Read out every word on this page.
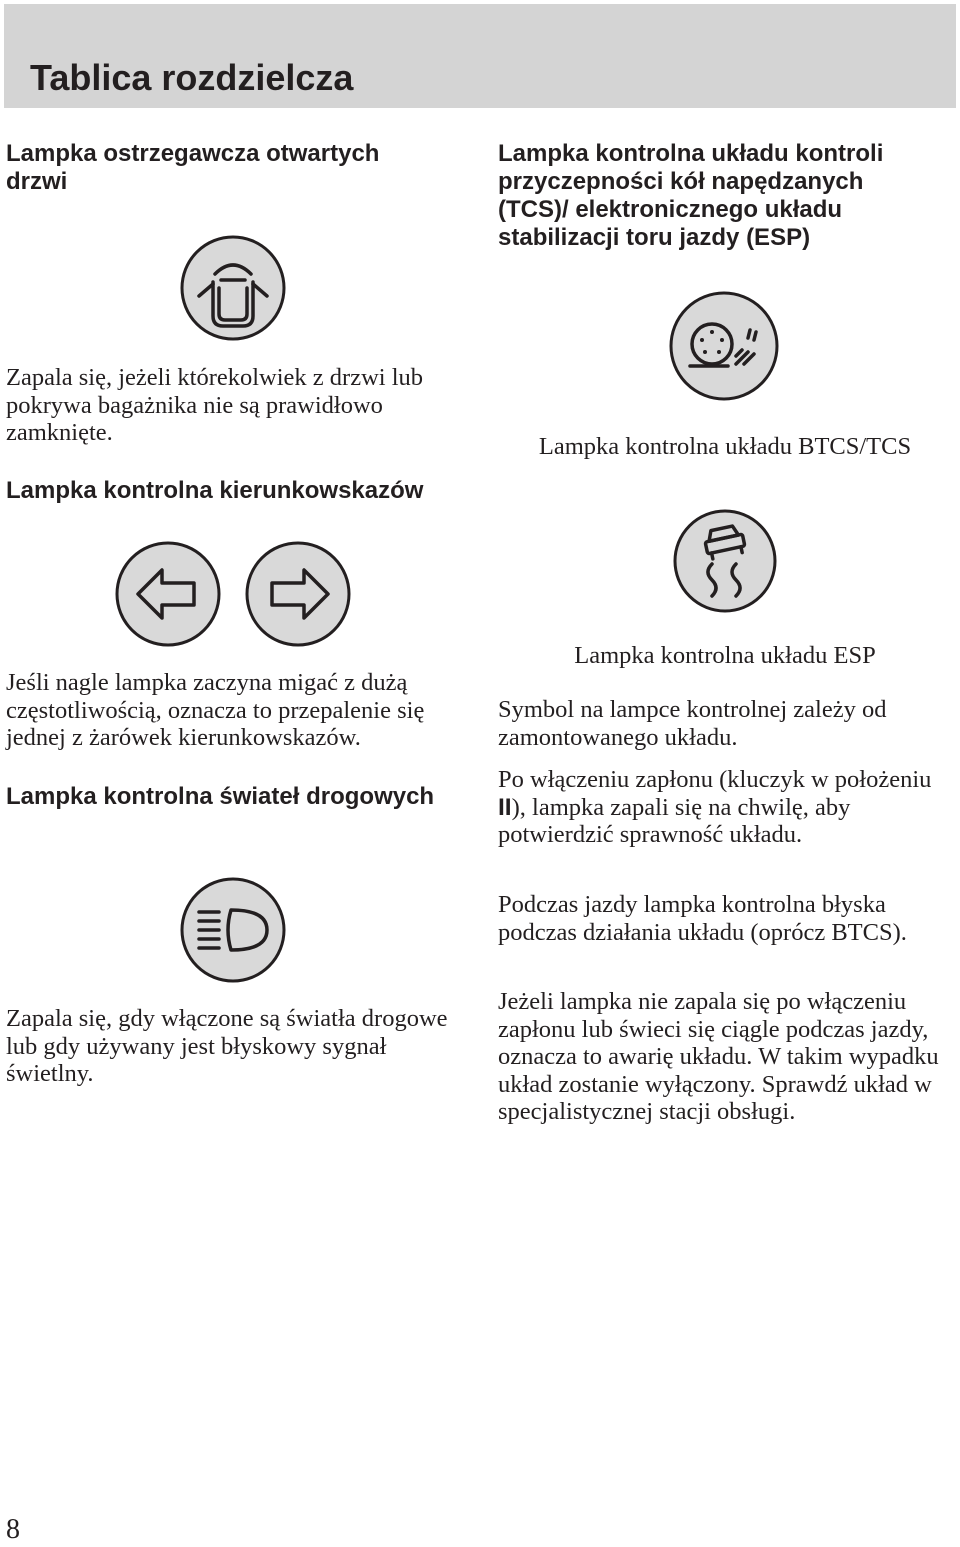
Tablica rozdzielcza
Lampka ostrzegawcza otwartych drzwi

Zapala się, jeżeli którekolwiek z drzwi lub pokrywa bagażnika nie są prawidłowo zamknięte.

Lampka kontrolna kierunkowskazów

Jeśli nagle lampka zaczyna migać z dużą częstotliwością, oznacza to przepalenie się jednej z żarówek kierunkowskazów.

Lampka kontrolna świateł drogowych

Zapala się, gdy włączone są światła drogowe lub gdy używany jest błyskowy sygnał świetlny.

Lampka kontrolna układu kontroli przyczepności kół napędzanych (TCS)/ elektronicznego układu stabilizacji toru jazdy (ESP)

Lampka kontrolna układu BTCS/TCS

Lampka kontrolna układu ESP

Symbol na lampce kontrolnej zależy od zamontowanego układu.

Po włączeniu zapłonu (kluczyk w położeniu II), lampka zapali się na chwilę, aby potwierdzić sprawność układu.

Podczas jazdy lampka kontrolna błyska podczas działania układu (oprócz BTCS).

Jeżeli lampka nie zapala się po włączeniu zapłonu lub świeci się ciągle podczas jazdy, oznacza to awarię układu. W takim wypadku układ zostanie wyłączony. Sprawdź układ w specjalistycznej stacji obsługi.

8
